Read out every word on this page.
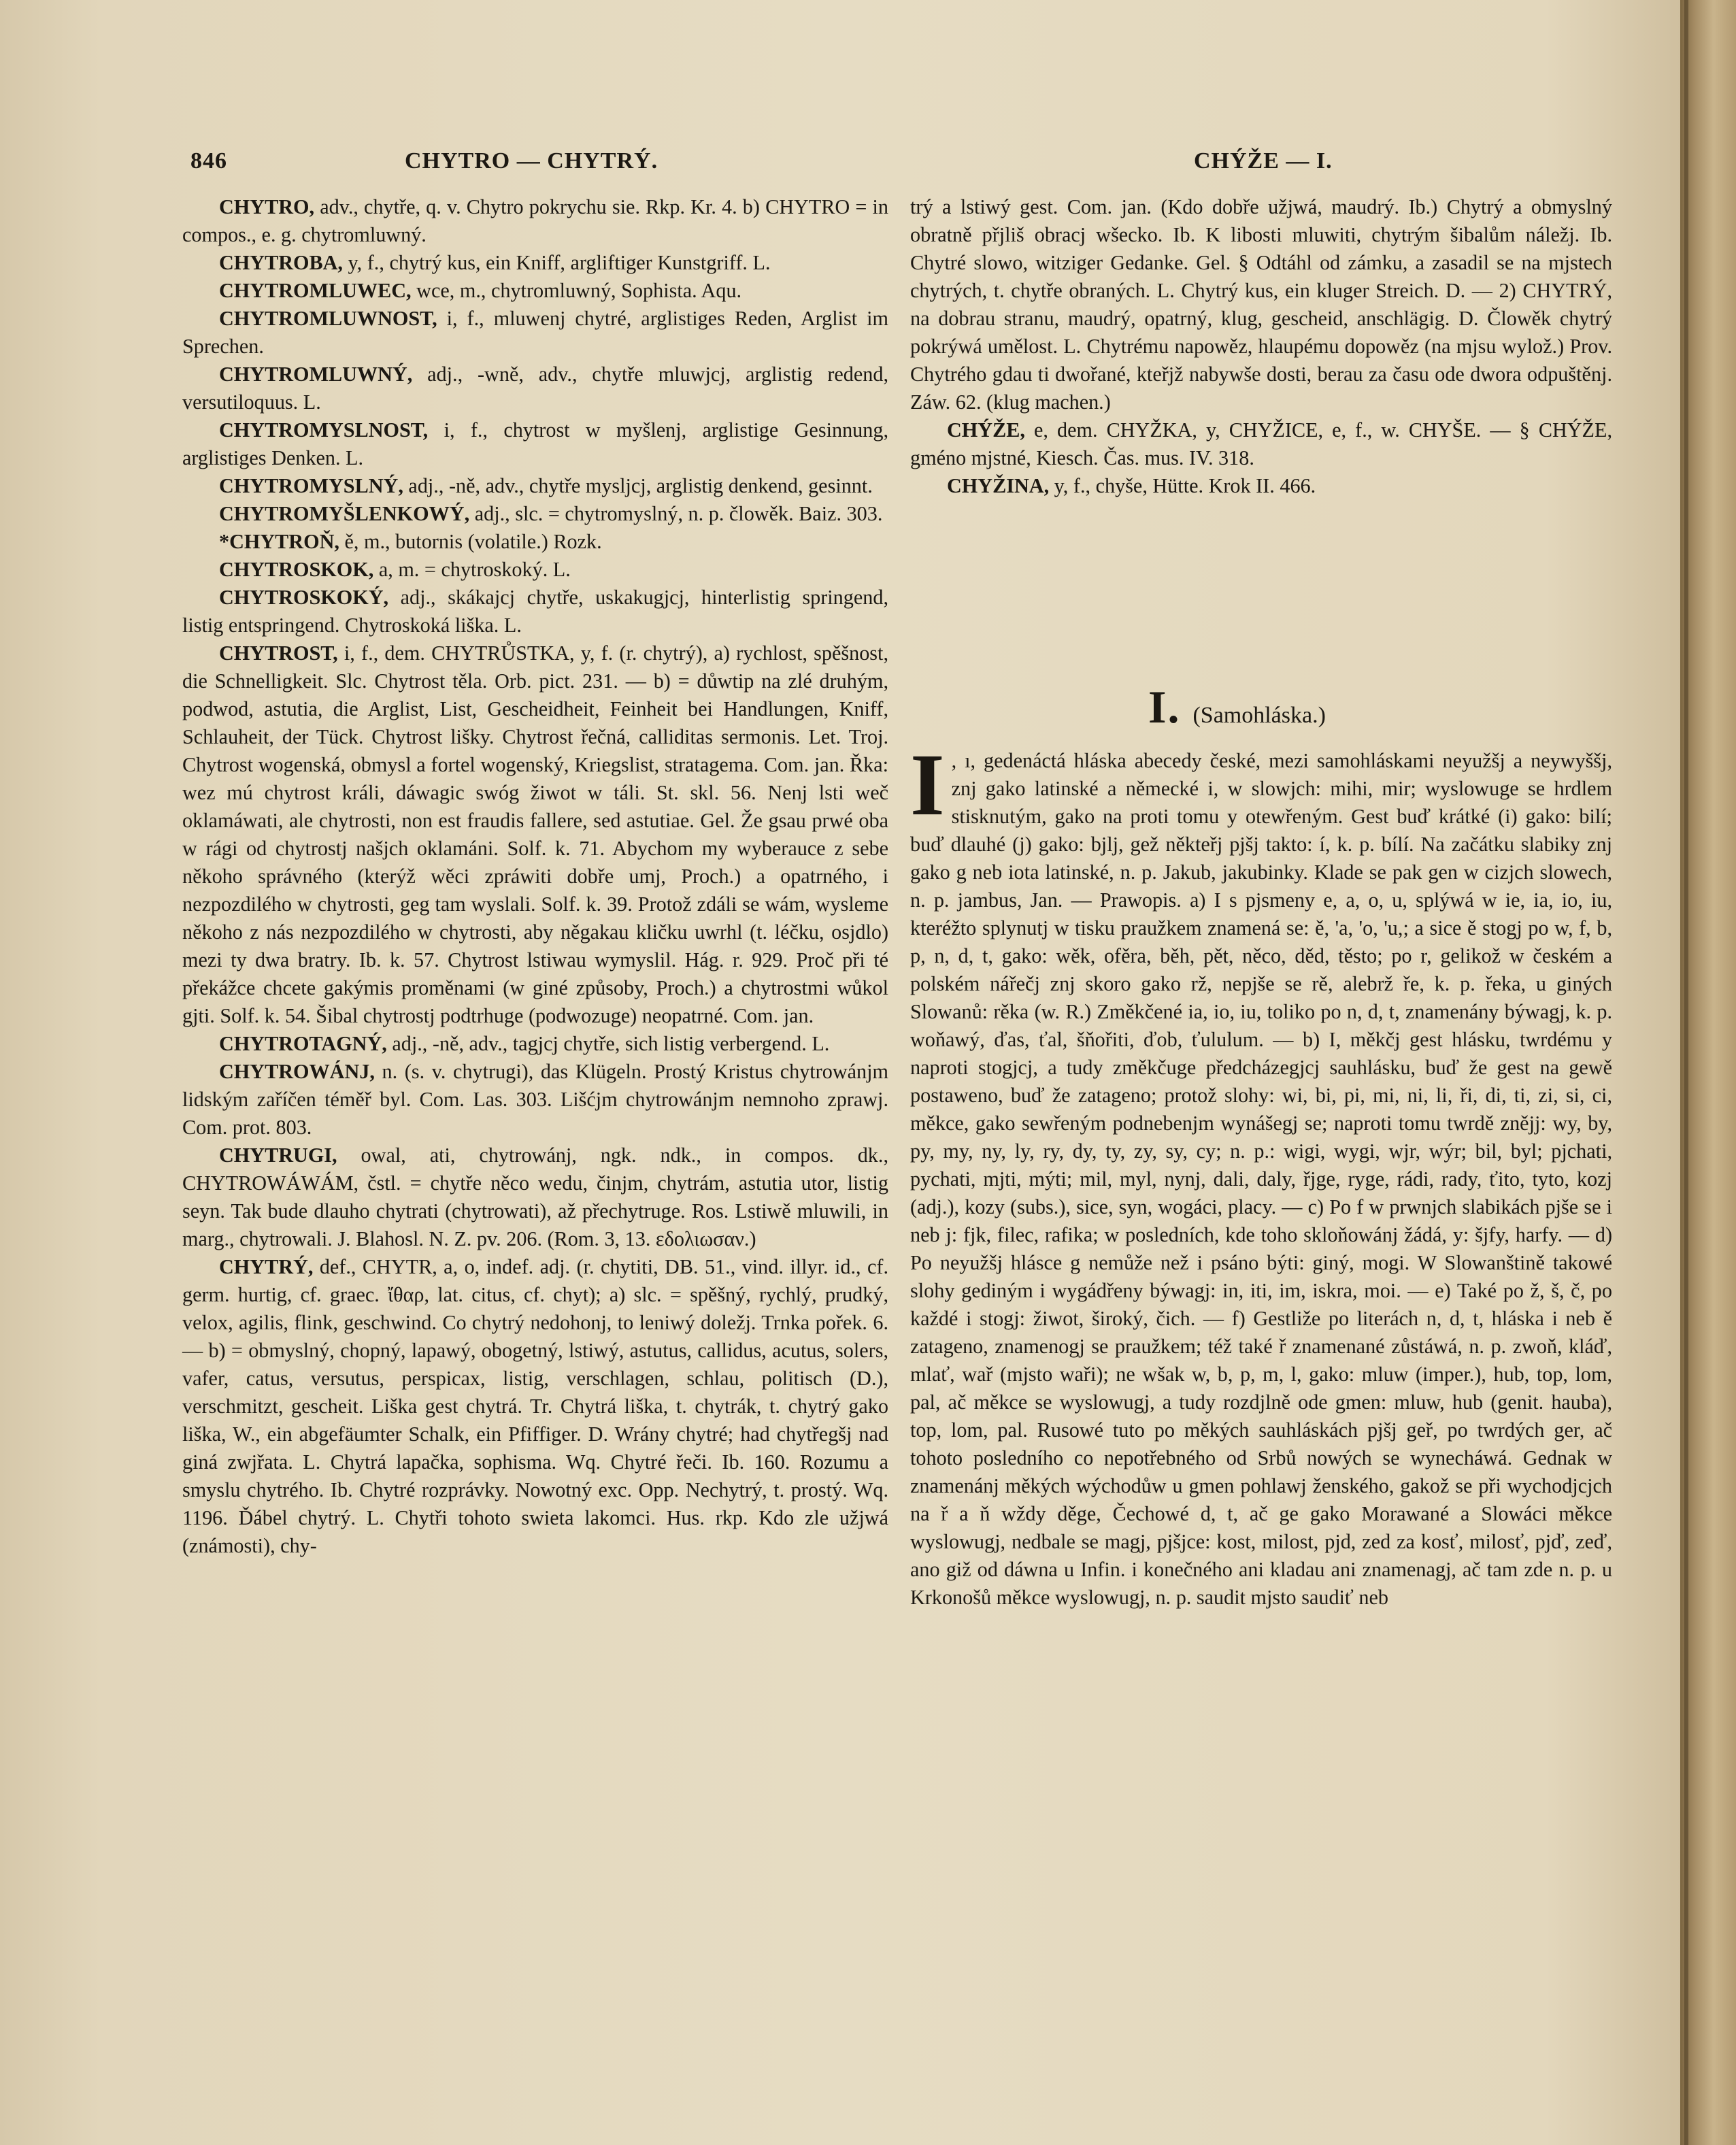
846	CHYTRO — CHYTRÝ.	CHÝŽE — I.

CHYTRO, adv., chytře, q. v. Chytro pokrychu sie. Rkp. Kr. 4. b) CHYTRO = in compos., e. g. chytromluwný.

CHYTROBA, y, f., chytrý kus, ein Kniff, argliftiger Kunstgriff. L.

CHYTROMLUWEC, wce, m., chytromluwný, Sophista. Aqu.

CHYTROMLUWNOST, i, f., mluwenj chytré, arglistiges Reden, Arglist im Sprechen.

CHYTROMLUWNÝ, adj., -wně, adv., chytře mluwjcj, arglistig redend, versutiloquus. L.

CHYTROMYSLNOST, i, f., chytrost w myšlenj, arglistige Gesinnung, arglistiges Denken. L.

CHYTROMYSLNÝ, adj., -ně, adv., chytře mysljcj, arglistig denkend, gesinnt.

CHYTROMYŠLENKOWÝ, adj., slc. = chytromyslný, n. p. člowěk. Baiz. 303.

*CHYTROŇ, ě, m., butornis (volatile.) Rozk.

CHYTROSKOK, a, m. = chytroskoký. L.

CHYTROSKOKÝ, adj., skákajcj chytře, uskakugjcj, hinterlistig springend, listig entspringend. Chytroskoká liška. L.

CHYTROST, i, f., dem. CHYTRŮSTKA, y, f. (r. chytrý), a) rychlost, spěšnost, die Schnelligkeit. Slc. Chytrost těla. Orb. pict. 231. — b) = důwtip na zlé druhým, podwod, astutia, die Arglist, List, Gescheidheit, Feinheit bei Handlungen, Kniff, Schlauheit, der Tück. Chytrost lišky. Chytrost řečná, calliditas sermonis. Let. Troj. Chytrost wogenská, obmysl a fortel wogenský, Kriegslist, stratagema. Com. jan. Řka: wez mú chytrost králi, dáwagic swóg žiwot w táli. St. skl. 56. Nenj lsti weč oklamáwati, ale chytrosti, non est fraudis fallere, sed astutiae. Gel. Že gsau prwé oba w rági od chytrostj našjch oklamáni. Solf. k. 71. Abychom my wyberauce z sebe někoho správného (kterýž wěci zpráwiti dobře umj, Proch.) a opatrného, i nezpozdilého w chytrosti, geg tam wyslali. Solf. k. 39. Protož zdáli se wám, wysleme někoho z nás nezpozdilého w chytrosti, aby něgakau kličku uwrhl (t. léčku, osjdlo) mezi ty dwa bratry. Ib. k. 57. Chytrost lstiwau wymyslil. Hág. r. 929. Proč při té překážce chcete gakýmis proměnami (w giné způsoby, Proch.) a chytrostmi wůkol gjti. Solf. k. 54. Šibal chytrostj podtrhuge (podwozuge) neopatrné. Com. jan.

CHYTROTAGNÝ, adj., -ně, adv., tagjcj chytře, sich listig verbergend. L.

CHYTROWÁNJ, n. (s. v. chytrugi), das Klügeln. Prostý Kristus chytrowánjm lidským zaříčen téměř byl. Com. Las. 303. Lišćjm chytrowánjm nemnoho zprawj. Com. prot. 803.

CHYTRUGI, owal, ati, chytrowánj, ngk. ndk., in compos. dk., CHYTROWÁWÁM, čstl. = chytře něco wedu, činjm, chytrám, astutia utor, listig seyn. Tak bude dlauho chytrati (chytrowati), až přechytruge. Ros. Lstiwě mluwili, in marg., chytrowali. J. Blahosl. N. Z. pv. 206. (Rom. 3, 13. εδολιωσαν.)

CHYTRÝ, def., CHYTR, a, o, indef. adj. (r. chytiti, DB. 51., vind. illyr. id., cf. germ. hurtig, cf. graec. ἴθαρ, lat. citus, cf. chyt); a) slc. = spěšný, rychlý, prudký, velox, agilis, flink, geschwind. Co chytrý nedohonj, to leniwý doležj. Trnka pořek. 6. — b) = obmyslný, chopný, lapawý, obogetný, lstiwý, astutus, callidus, acutus, solers, vafer, catus, versutus, perspicax, listig, verschlagen, schlau, politisch (D.), verschmitzt, gescheit. Liška gest chytrá. Tr. Chytrá liška, t. chytrák, t. chytrý gako liška, W., ein abgefäumter Schalk, ein Pfiffiger. D. Wrány chytré; had chytřegšj nad giná zwjřata. L. Chytrá lapačka, sophisma. Wq. Chytré řeči. Ib. 160. Rozumu a smyslu chytrého. Ib. Chytré rozprávky. Nowotný exc. Opp. Nechytrý, t. prostý. Wq. 1196. Ďábel chytrý. L. Chytři tohoto swieta lakomci. Hus. rkp. Kdo zle užjwá (známosti), chy-

trý a lstiwý gest. Com. jan. (Kdo dobře užjwá, maudrý. Ib.) Chytrý a obmyslný obratně přjliš obracj wšecko. Ib. K libosti mluwiti, chytrým šibalům náležj. Ib. Chytré slowo, witziger Gedanke. Gel. § Odtáhl od zámku, a zasadil se na mjstech chytrých, t. chytře obraných. L. Chytrý kus, ein kluger Streich. D. — 2) CHYTRÝ, na dobrau stranu, maudrý, opatrný, klug, gescheid, anschlägig. D. Člowěk chytrý pokrýwá umělost. L. Chytrému napowěz, hlaupému dopowěz (na mjsu wylož.) Prov. Chytrého gdau ti dwořané, kteřjž nabywše dosti, berau za času ode dwora odpuštěnj. Záw. 62. (klug machen.)

CHÝŽE, e, dem. CHYŽKA, y, CHYŽICE, e, f., w. CHYŠE. — § CHÝŽE, gméno mjstné, Kiesch. Čas. mus. IV. 318.

CHYŽINA, y, f., chyše, Hütte. Krok II. 466.

I. (Samohláska.)
I , ı, gedenáctá hláska abecedy české, mezi samohláskami neyužšj a neywyššj, znj gako latinské a německé i, w slowjch: mihi, mir; wyslowuge se hrdlem stisknutým, gako na proti tomu y otewřeným. Gest buď krátké (i) gako: bilí; buď dlauhé (j) gako: bjlj, gež někteřj pjšj takto: í, k. p. bílí. Na začátku slabiky znj gako g neb iota latinské, n. p. Jakub, jakubinky. Klade se pak gen w cizjch slowech, n. p. jambus, Jan. — Prawopis. a) I s pjsmeny e, a, o, u, splýwá w ie, ia, io, iu, kteréžto splynutj w tisku praužkem znamená se: ě, 'a, 'o, 'u,; a sice ě stogj po w, f, b, p, n, d, t, gako: wěk, ofěra, běh, pět, něco, děd, těsto; po r, gelikož w českém a polském nářečj znj skoro gako rž, nepjše se rě, alebrž ře, k. p. řeka, u giných Slowanů: rěka (w. R.) Změkčené ia, io, iu, toliko po n, d, t, znamenány býwagj, k. p. woňawý, ďas, ťal, šňořiti, ďob, ťululum. — b) I, měkčj gest hlásku, twrdému y naproti stogjcj, a tudy změkčuge předcházegjcj sauhlásku, buď že gest na gewě postaweno, buď že zatageno; protož slohy: wi, bi, pi, mi, ni, li, ři, di, ti, zi, si, ci, měkce, gako sewřeným podnebenjm wynášegj se; naproti tomu twrdě znějj: wy, by, py, my, ny, ly, ry, dy, ty, zy, sy, cy; n. p.: wigi, wygi, wjr, wýr; bil, byl; pjchati, pychati, mjti, mýti; mil, myl, nynj, dali, daly, řjge, ryge, rádi, rady, ťito, tyto, kozj (adj.), kozy (subs.), sice, syn, wogáci, placy. — c) Po f w prwnjch slabikách pjše se i neb j: fjk, filec, rafika; w posledních, kde toho skloňowánj žádá, y: šjfy, harfy. — d) Po neyužšj hlásce g nemůže než i psáno býti: giný, mogi. W Slowanštině takowé slohy gediným i wygádřeny býwagj: in, iti, im, iskra, moi. — e) Také po ž, š, č, po každé i stogj: žiwot, široký, čich. — f) Gestliže po literách n, d, t, hláska i neb ě zatageno, znamenogj se praužkem; též také ř znamenané zůstáwá, n. p. zwoň, kláď, mlať, wař (mjsto waři); ne wšak w, b, p, m, l, gako: mluw (imper.), hub, top, lom, pal, ač měkce se wyslowugj, a tudy rozdjlně ode gmen: mluw, hub (genit. hauba), top, lom, pal. Rusowé tuto po měkých sauhláskách pjšj geř, po twrdých ger, ač tohoto posledního co nepotřebného od Srbů nowých se wynecháwá. Gednak w znamenánj měkých wýchodůw u gmen pohlawj ženského, gakož se při wychodjcjch na ř a ň wždy děge, Čechowé d, t, ač ge gako Morawané a Slowáci měkce wyslowugj, nedbale se magj, pjšjce: kost, milost, pjd, zed za kosť, milosť, pjď, zeď, ano giž od dáwna u Infin. i konečného ani kladau ani znamenagj, ač tam zde n. p. u Krkonošů měkce wyslowugj, n. p. saudit mjsto saudiť neb
